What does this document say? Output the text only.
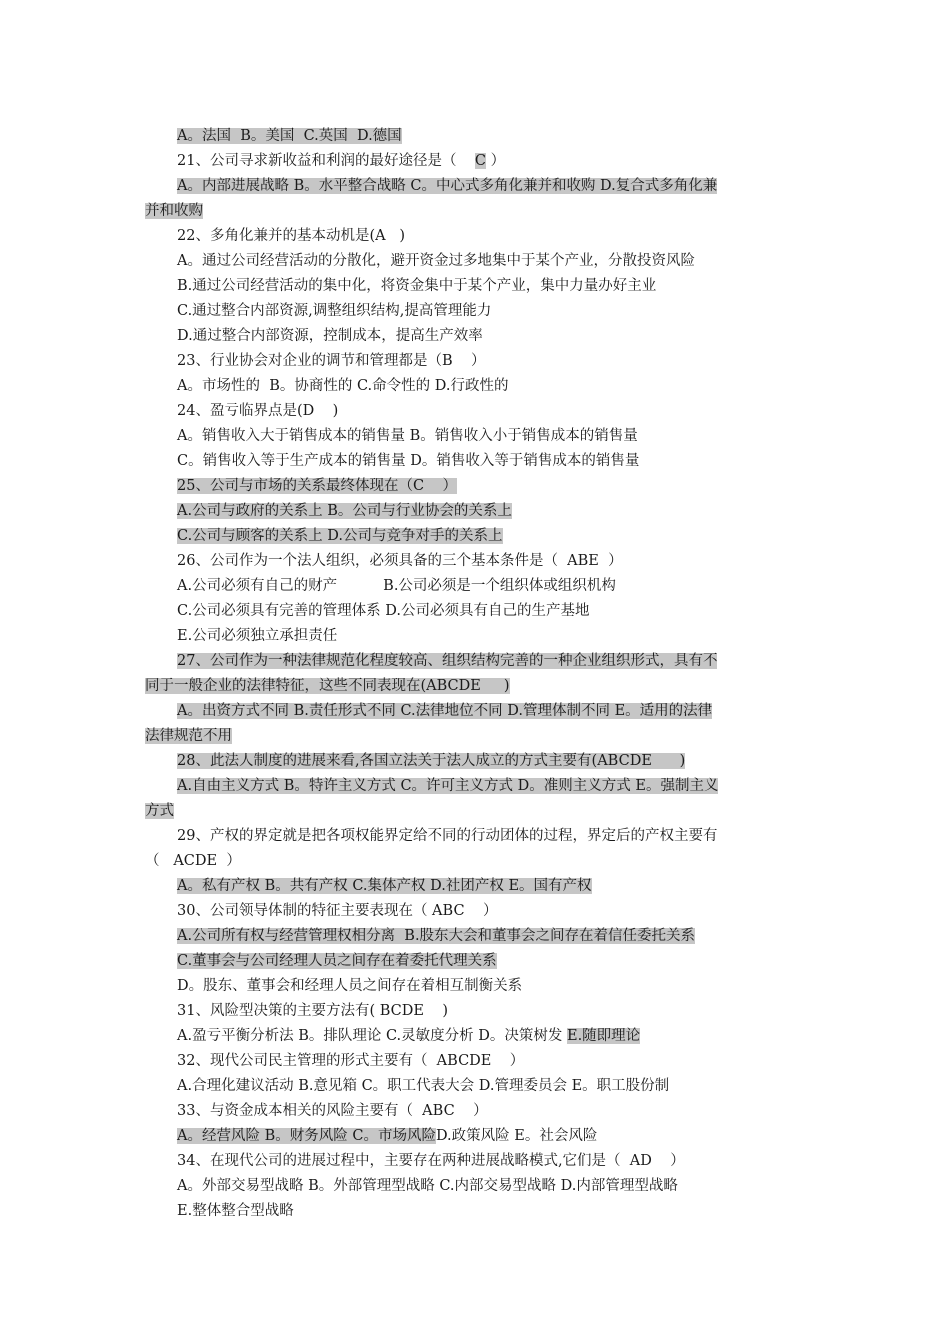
A。法国  B。美国  C.英国  D.德国
21、公司寻求新收益和利润的最好途径是（    C ）
A。内部进展战略 B。水平整合战略 C。中心式多角化兼并和收购 D.复合式多角化兼
并和收购
22、多角化兼并的基本动机是(A   )
A。通过公司经营活动的分散化，避开资金过多地集中于某个产业，分散投资风险
B.通过公司经营活动的集中化，将资金集中于某个产业，集中力量办好主业
C.通过整合内部资源,调整组织结构,提高管理能力
D.通过整合内部资源，控制成本，提高生产效率
23、行业协会对企业的调节和管理都是（B    ）
A。市场性的  B。协商性的 C.命令性的 D.行政性的
24、盈亏临界点是(D    )
A。销售收入大于销售成本的销售量 B。销售收入小于销售成本的销售量
C。销售收入等于生产成本的销售量 D。销售收入等于销售成本的销售量
25、公司与市场的关系最终体现在（C    ）
A.公司与政府的关系上 B。公司与行业协会的关系上
C.公司与顾客的关系上 D.公司与竞争对手的关系上
26、公司作为一个法人组织，必须具备的三个基本条件是（  ABE  ）
A.公司必须有自己的财产          B.公司必须是一个组织体或组织机构
C.公司必须具有完善的管理体系 D.公司必须具有自己的生产基地
E.公司必须独立承担责任
27、公司作为一种法律规范化程度较高、组织结构完善的一种企业组织形式，具有不
同于一般企业的法律特征，这些不同表现在(ABCDE     )
A。出资方式不同 B.责任形式不同 C.法律地位不同 D.管理体制不同 E。适用的法律
法律规范不用
28、此法人制度的进展来看,各国立法关于法人成立的方式主要有(ABCDE      )
A.自由主义方式 B。特许主义方式 C。许可主义方式 D。准则主义方式 E。强制主义
方式
29、产权的界定就是把各项权能界定给不同的行动团体的过程，界定后的产权主要有
（   ACDE  ）
A。私有产权 B。共有产权 C.集体产权 D.社团产权 E。国有产权
30、公司领导体制的特征主要表现在（ ABC    ）
A.公司所有权与经营管理权相分离  B.股东大会和董事会之间存在着信任委托关系
C.董事会与公司经理人员之间存在着委托代理关系
D。股东、董事会和经理人员之间存在着相互制衡关系
31、风险型决策的主要方法有( BCDE    )
A.盈亏平衡分析法 B。排队理论 C.灵敏度分析 D。决策树发 E.随即理论
32、现代公司民主管理的形式主要有（  ABCDE    ）
A.合理化建议活动 B.意见箱 C。职工代表大会 D.管理委员会 E。职工股份制
33、与资金成本相关的风险主要有（  ABC    ）
A。经营风险 B。财务风险 C。市场风险D.政策风险 E。社会风险
34、在现代公司的进展过程中，主要存在两种进展战略模式,它们是（  AD    ）
A。外部交易型战略 B。外部管理型战略 C.内部交易型战略 D.内部管理型战略
E.整体整合型战略
